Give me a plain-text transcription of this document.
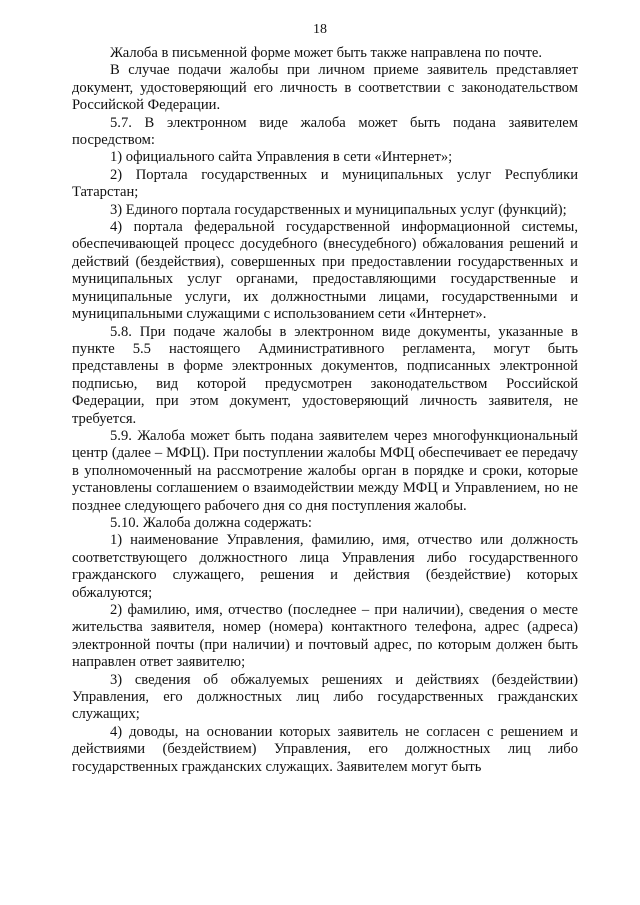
18

Жалоба в письменной форме может быть также направлена по почте.

В случае подачи жалобы при личном приеме заявитель представляет документ, удостоверяющий его личность в соответствии с законодательством Российской Федерации.

5.7. В электронном виде жалоба может быть подана заявителем посредством:

1) официального сайта Управления в сети «Интернет»;

2) Портала государственных и муниципальных услуг Республики Татарстан;

3) Единого портала государственных и муниципальных услуг (функций);

4) портала федеральной государственной информационной системы, обеспечивающей процесс досудебного (внесудебного) обжалования решений и действий (бездействия), совершенных при предоставлении государственных и муниципальных услуг органами, предоставляющими государственные и муниципальные услуги, их должностными лицами, государственными и муниципальными служащими с использованием сети «Интернет».

5.8. При подаче жалобы в электронном виде документы, указанные в пункте 5.5 настоящего Административного регламента, могут быть представлены в форме электронных документов, подписанных электронной подписью, вид которой предусмотрен законодательством Российской Федерации, при этом документ, удостоверяющий личность заявителя, не требуется.

5.9. Жалоба может быть подана заявителем через многофункциональный центр (далее – МФЦ). При поступлении жалобы МФЦ обеспечивает ее передачу в уполномоченный на рассмотрение жалобы орган в порядке и сроки, которые установлены соглашением о взаимодействии между МФЦ и Управлением, но не позднее следующего рабочего дня со дня поступления жалобы.

5.10. Жалоба должна содержать:

1) наименование Управления, фамилию, имя, отчество или должность соответствующего должностного лица Управления либо государственного гражданского служащего, решения и действия (бездействие) которых обжалуются;

2) фамилию, имя, отчество (последнее – при наличии), сведения о месте жительства заявителя, номер (номера) контактного телефона, адрес (адреса) электронной почты (при наличии) и почтовый адрес, по которым должен быть направлен ответ заявителю;

3) сведения об обжалуемых решениях и действиях (бездействии) Управления, его должностных лиц либо государственных гражданских служащих;

4) доводы, на основании которых заявитель не согласен с решением и действиями (бездействием) Управления, его должностных лиц либо государственных гражданских служащих. Заявителем могут быть
